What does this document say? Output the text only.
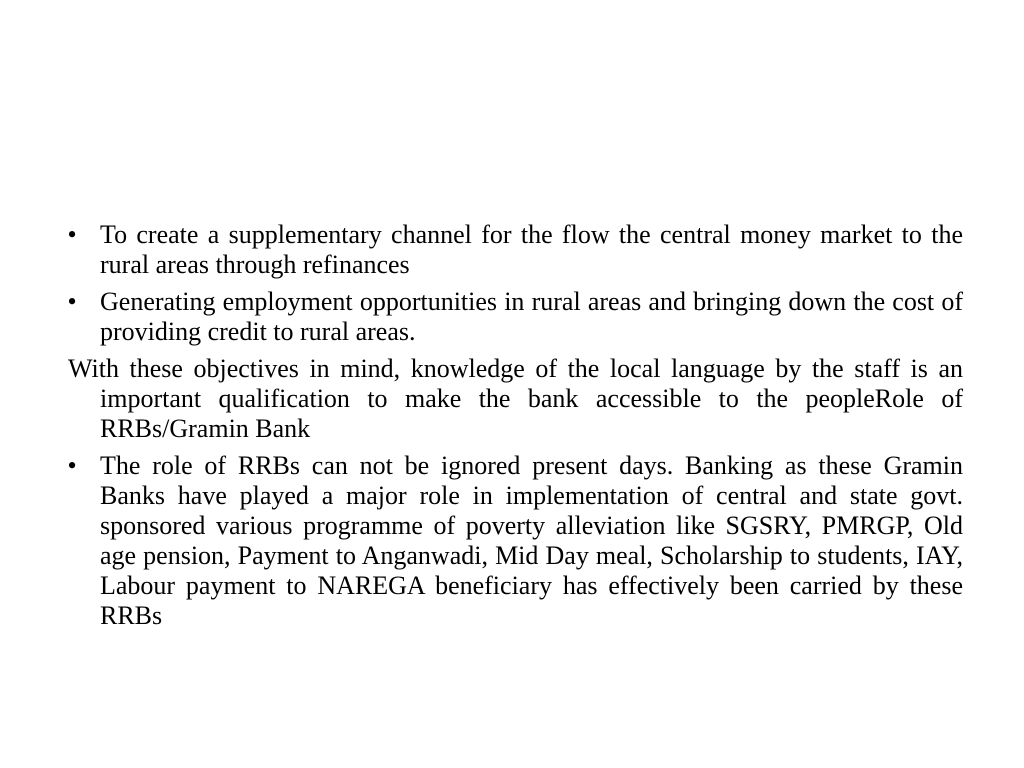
• To create a supplementary channel for the flow the central money market to the rural areas through refinances
• Generating employment opportunities in rural areas and bringing down the cost of providing credit to rural areas.
With these objectives in mind, knowledge of the local language by the staff is an important qualification to make the bank accessible to the peopleRole of RRBs/Gramin Bank
• The role of RRBs can not be ignored present days. Banking as these Gramin Banks have played a major role in implementation of central and state govt. sponsored various programme of poverty alleviation like SGSRY, PMRGP, Old age pension, Payment to Anganwadi, Mid Day meal, Scholarship to students, IAY, Labour payment to NAREGA beneficiary has effectively been carried by these RRBs
